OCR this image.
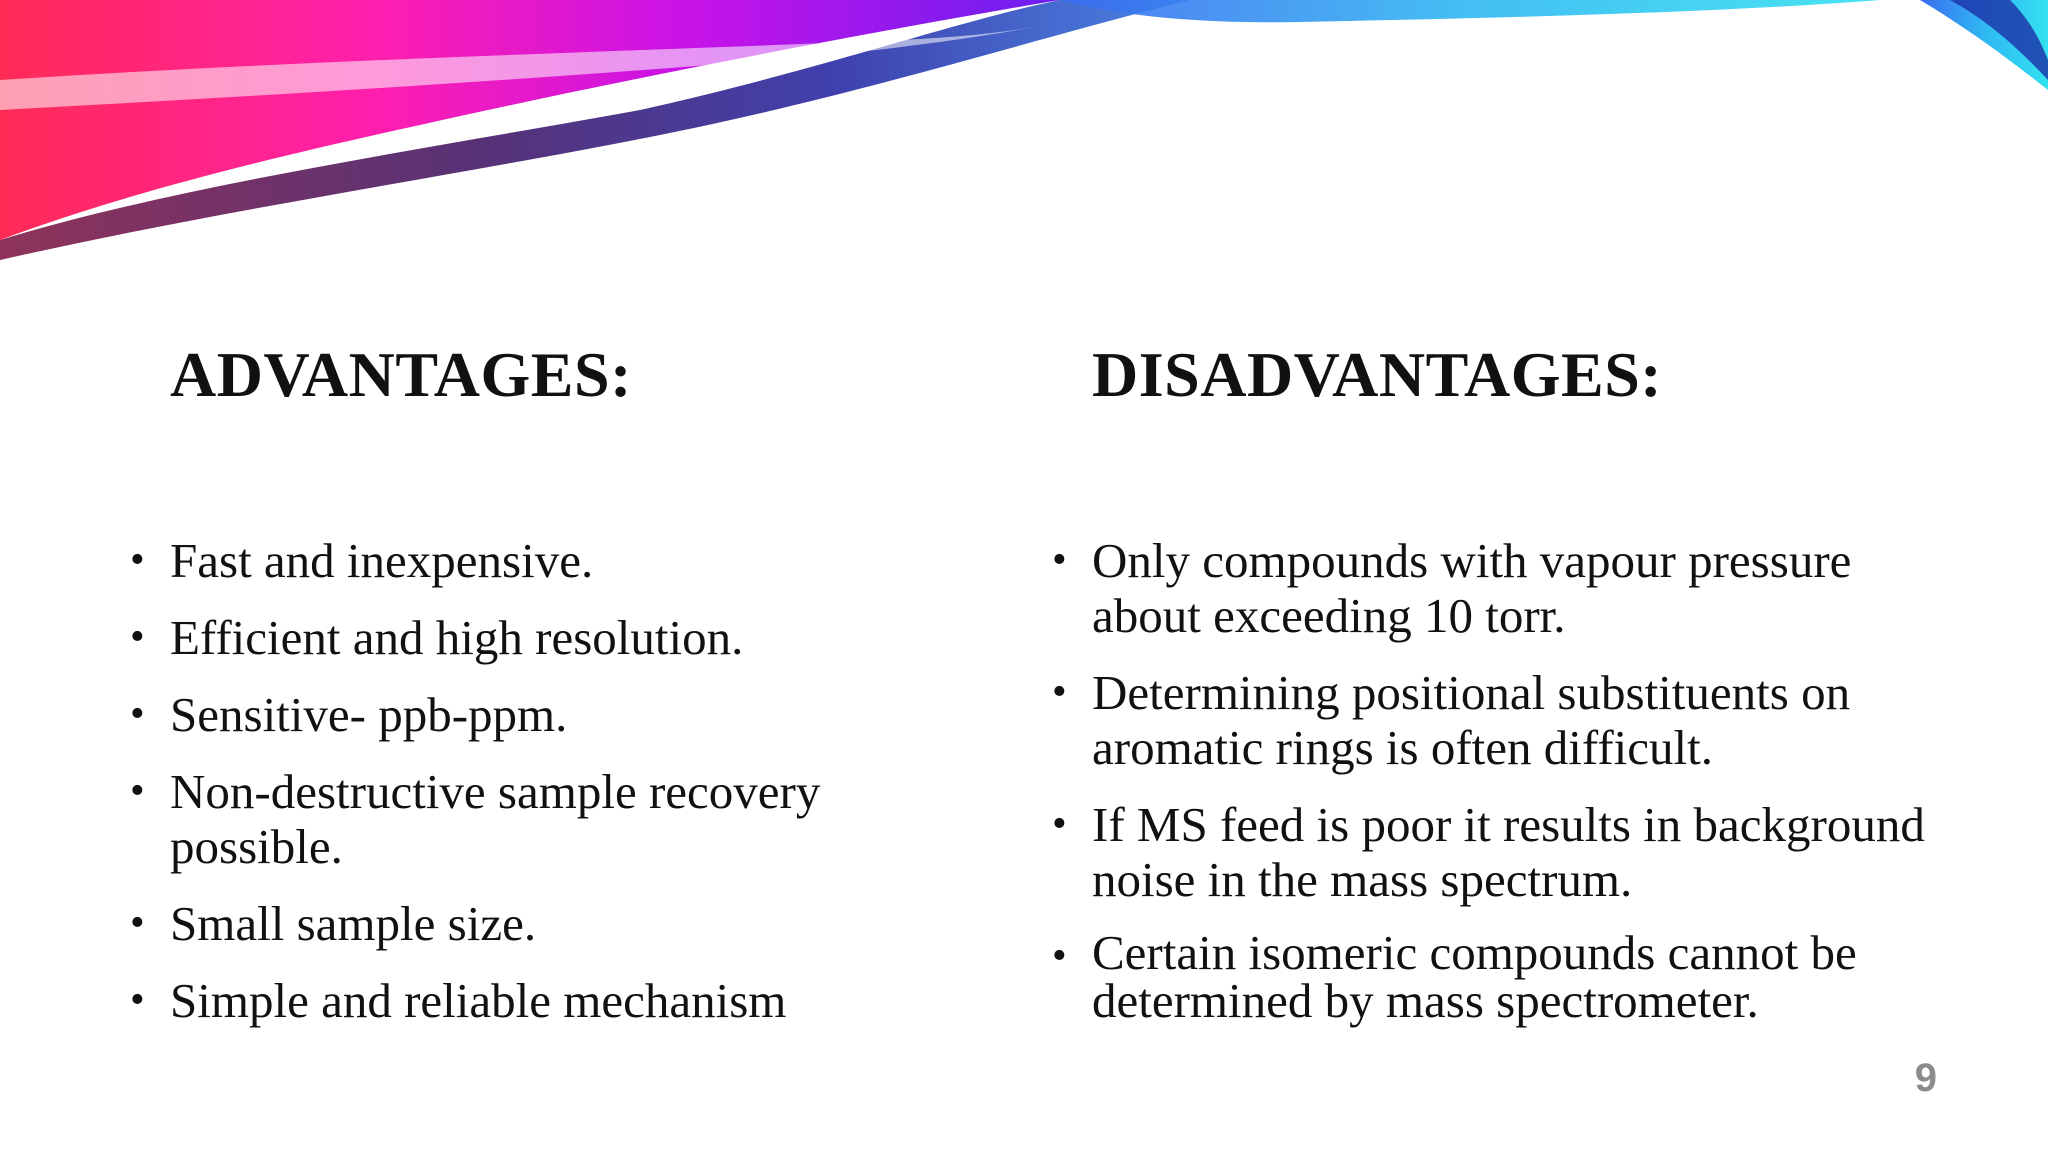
ADVANTAGES:	DISADVANTAGES:
• Fast and inexpensive.
• Efficient and high resolution.
• Sensitive- ppb-ppm.
• Non-destructive sample recovery possible.
• Small sample size.
• Simple and reliable mechanism
• Only compounds with vapour pressure about exceeding 10 torr.
• Determining positional substituents on aromatic rings is often difficult.
• If MS feed is poor it results in background noise in the mass spectrum.
• Certain isomeric compounds cannot be determined by mass spectrometer.
9
